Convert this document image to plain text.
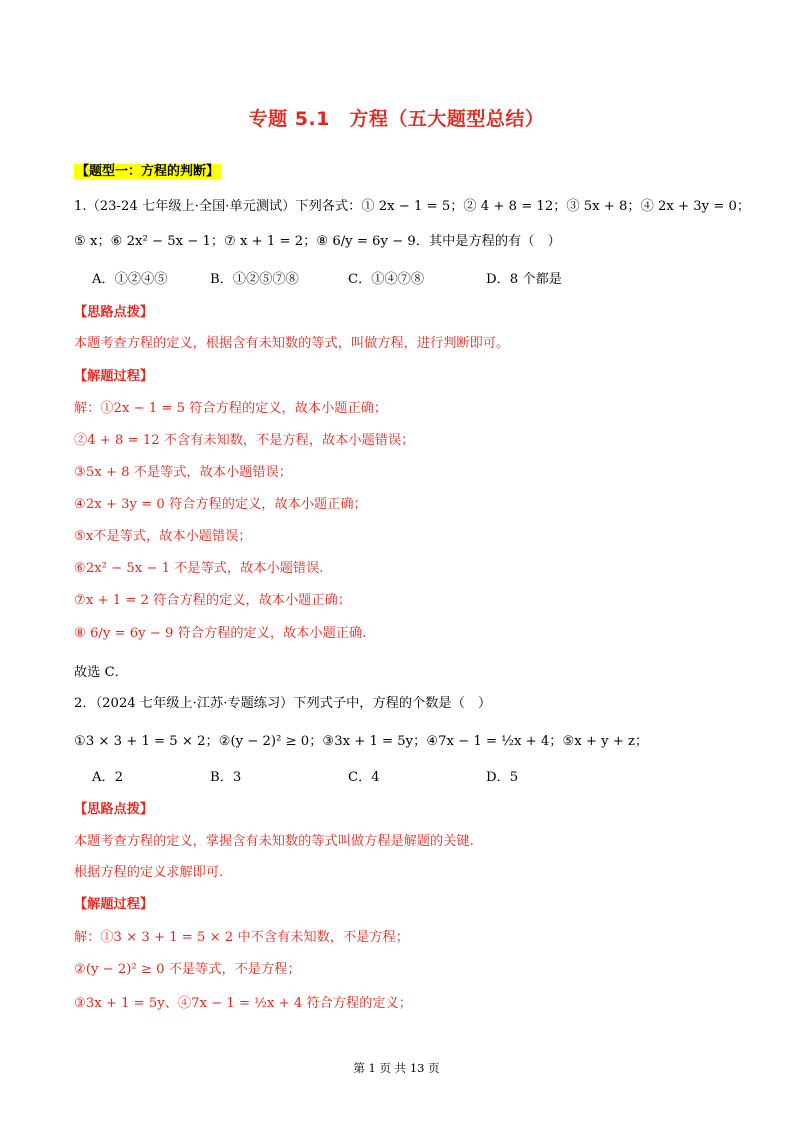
专题 5.1　方程（五大题型总结）
【题型一：方程的判断】
1.（23-24 七年级上·全国·单元测试）下列各式：① 2x − 1 = 5；② 4 + 8 = 12；③ 5x + 8；④ 2x + 3y = 0；
⑤ x；⑥ 2x² − 5x − 1；⑦ x + 1 = 2；⑧ 6/y = 6y − 9．其中是方程的有（　）
A．①②④⑤	B．①②⑤⑦⑧	C．①④⑦⑧	D．8 个都是
【思路点拨】
本题考查方程的定义，根据含有未知数的等式，叫做方程，进行判断即可。
【解题过程】
解：①2x − 1 = 5 符合方程的定义，故本小题正确；
②4 + 8 = 12 不含有未知数，不是方程，故本小题错误；
③5x + 8 不是等式，故本小题错误；
④2x + 3y = 0 符合方程的定义，故本小题正确；
⑤x不是等式，故本小题错误；
⑥2x² − 5x − 1 不是等式，故本小题错误.
⑦x + 1 = 2 符合方程的定义，故本小题正确；
⑧ 6/y = 6y − 9 符合方程的定义，故本小题正确.
故选 C．
2．（2024 七年级上·江苏·专题练习）下列式子中，方程的个数是（　）
①3 × 3 + 1 = 5 × 2；②(y − 2)² ≥ 0；③3x + 1 = 5y；④7x − 1 = ½x + 4；⑤x + y + z；
A．2	B．3	C．4	D．5
【思路点拨】
本题考查方程的定义，掌握含有未知数的等式叫做方程是解题的关键.
根据方程的定义求解即可.
【解题过程】
解：①3 × 3 + 1 = 5 × 2 中不含有未知数，不是方程；
②(y − 2)² ≥ 0 不是等式，不是方程；
③3x + 1 = 5y、④7x − 1 = ½x + 4 符合方程的定义；
第 1 页 共 13 页
